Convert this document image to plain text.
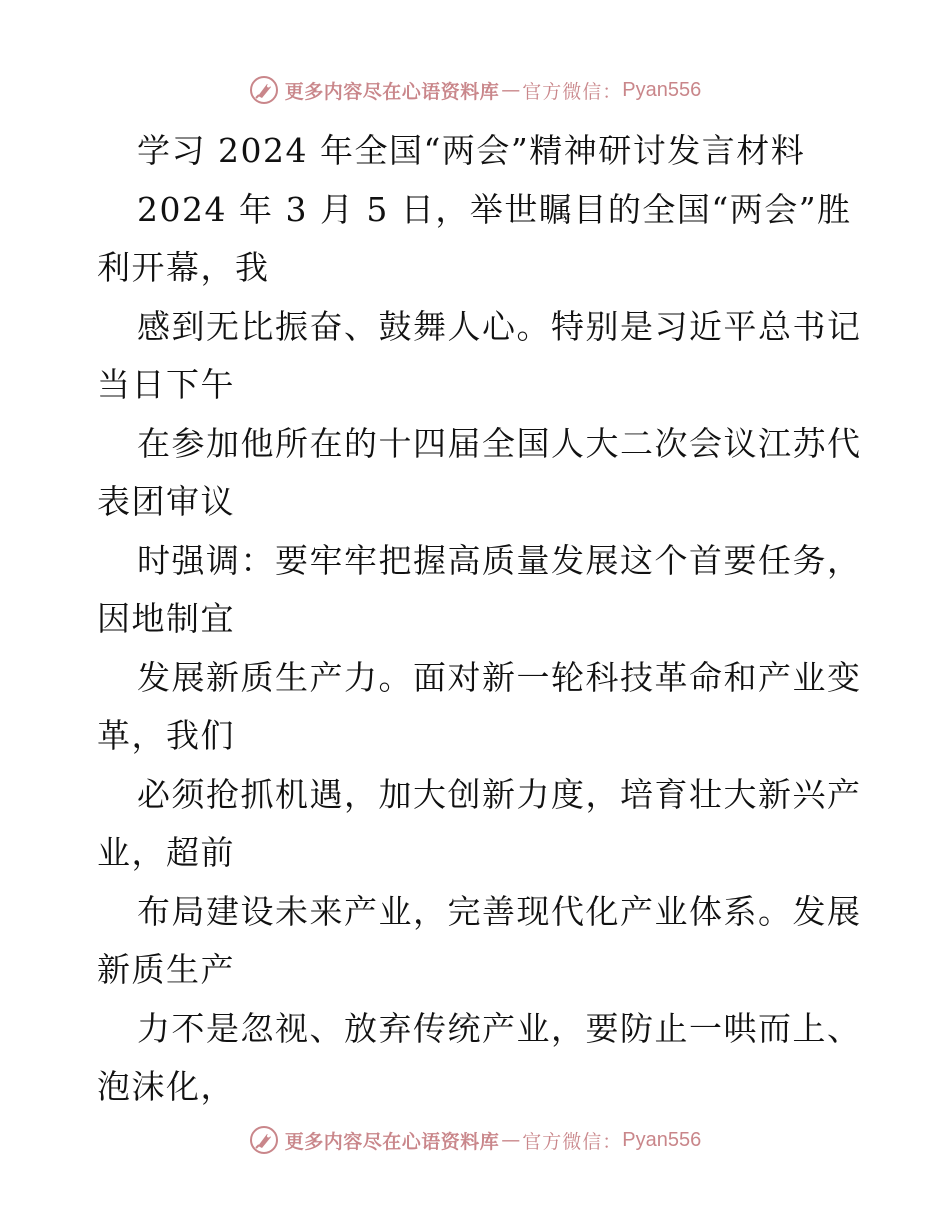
更多内容尽在心语资料库 — 官方微信： Pyan556
学习 2024 年全国“两会”精神研讨发言材料
2024 年 3 月 5 日，举世瞩目的全国“两会”胜
利开幕，我
感到无比振奋、鼓舞人心。特别是习近平总书记
当日下午
在参加他所在的十四届全国人大二次会议江苏代
表团审议
时强调：要牢牢把握高质量发展这个首要任务，
因地制宜
发展新质生产力。面对新一轮科技革命和产业变
革，我们
必须抢抓机遇，加大创新力度，培育壮大新兴产
业，超前
布局建设未来产业，完善现代化产业体系。发展
新质生产
力不是忽视、放弃传统产业，要防止一哄而上、
泡沫化，
更多内容尽在心语资料库 — 官方微信： Pyan556
